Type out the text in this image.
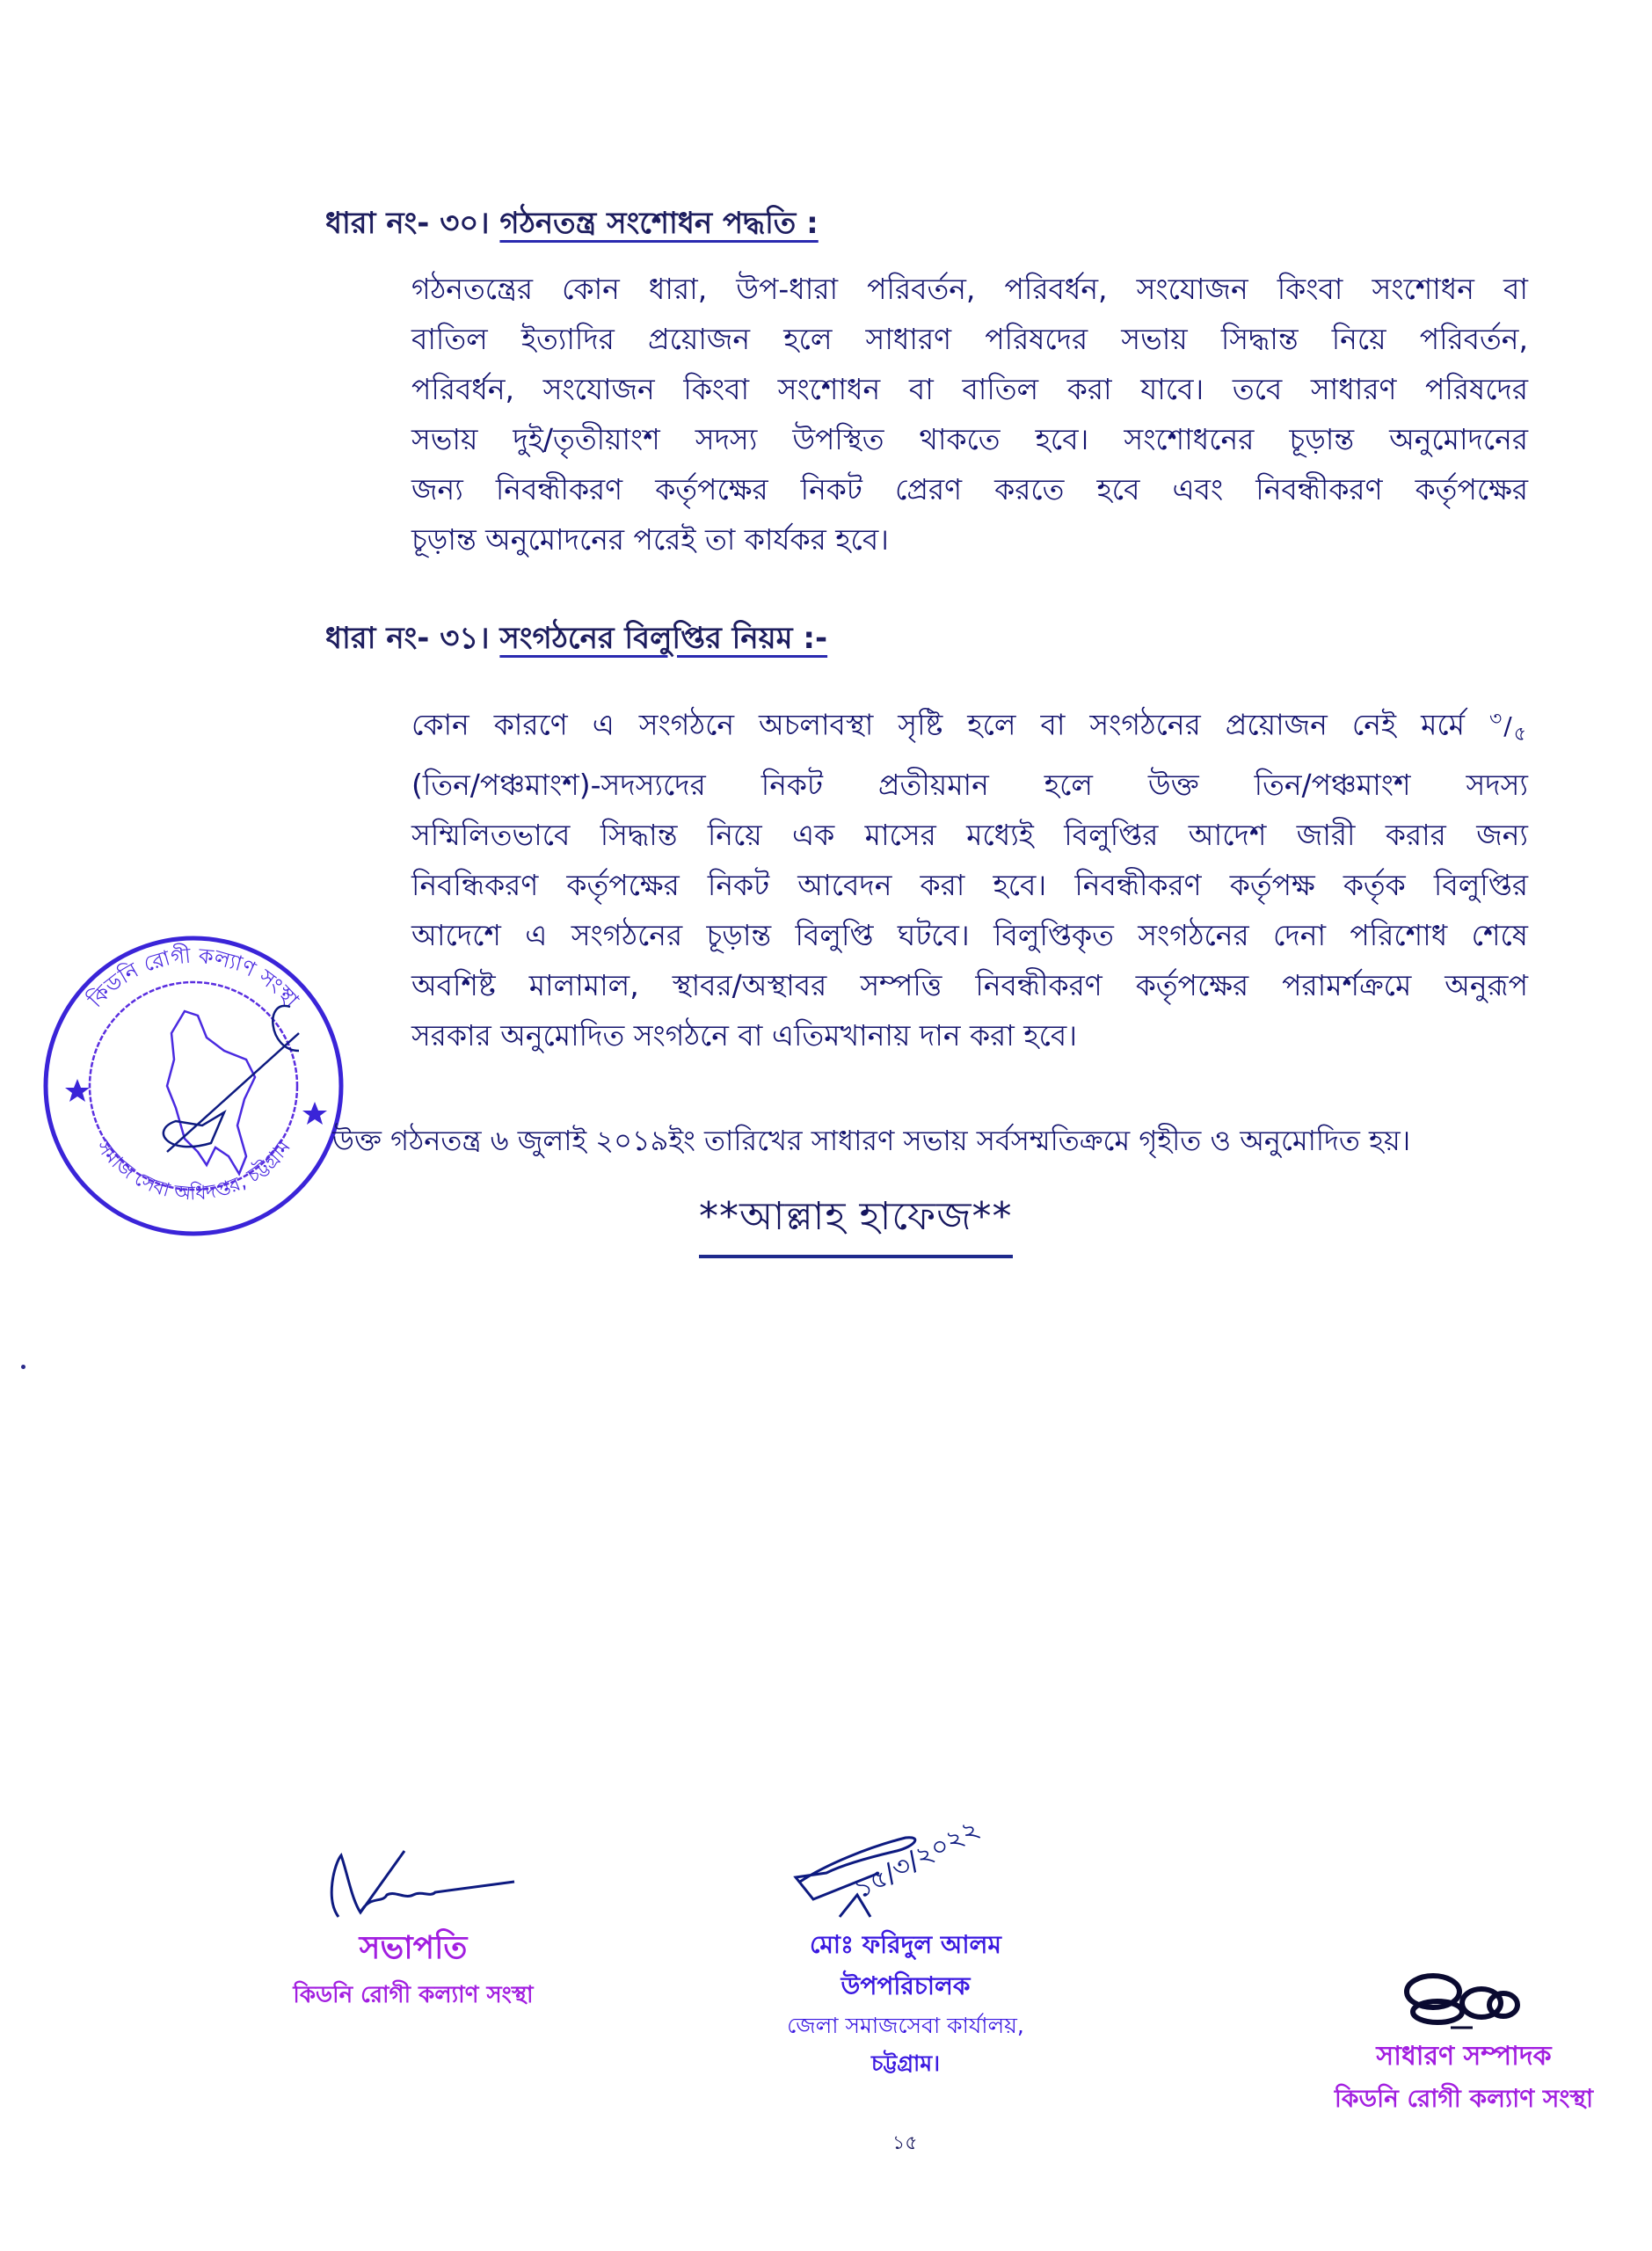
ধারা নং- ৩০। গঠনতন্ত্র সংশোধন পদ্ধতি :
গঠনতন্ত্রের কোন ধারা, উপ-ধারা পরিবর্তন, পরিবর্ধন, সংযোজন কিংবা সংশোধন বা
বাতিল ইত্যাদির প্রয়োজন হলে সাধারণ পরিষদের সভায় সিদ্ধান্ত নিয়ে পরিবর্তন,
পরিবর্ধন, সংযোজন কিংবা সংশোধন বা বাতিল করা যাবে। তবে সাধারণ পরিষদের
সভায় দুই/তৃতীয়াংশ সদস্য উপস্থিত থাকতে হবে। সংশোধনের চূড়ান্ত অনুমোদনের
জন্য নিবন্ধীকরণ কর্তৃপক্ষের নিকট প্রেরণ করতে হবে এবং নিবন্ধীকরণ কর্তৃপক্ষের
চূড়ান্ত অনুমোদনের পরেই তা কার্যকর হবে।
ধারা নং- ৩১। সংগঠনের বিলুপ্তির নিয়ম :-
কোন কারণে এ সংগঠনে অচলাবস্থা সৃষ্টি হলে বা সংগঠনের প্রয়োজন নেই মর্মে $^৩/_৫$
(তিন/পঞ্চমাংশ)-সদস্যদের নিকট প্রতীয়মান হলে উক্ত তিন/পঞ্চমাংশ সদস্য
সম্মিলিতভাবে সিদ্ধান্ত নিয়ে এক মাসের মধ্যেই বিলুপ্তির আদেশ জারী করার জন্য
নিবন্ধিকরণ কর্তৃপক্ষের নিকট আবেদন করা হবে। নিবন্ধীকরণ কর্তৃপক্ষ কর্তৃক বিলুপ্তির
আদেশে এ সংগঠনের চূড়ান্ত বিলুপ্তি ঘটবে। বিলুপ্তিকৃত সংগঠনের দেনা পরিশোধ শেষে
অবশিষ্ট মালামাল, স্থাবর/অস্থাবর সম্পত্তি নিবন্ধীকরণ কর্তৃপক্ষের পরামর্শক্রমে অনুরূপ
সরকার অনুমোদিত সংগঠনে বা এতিমখানায় দান করা হবে।
কিডনি রোগী কল্যাণ সংস্থা
সমাজ সেবা অধিদপ্তর, চট্টগ্রাম উক্ত গঠনতন্ত্র ৬ জুলাই ২০১৯ইং তারিখের সাধারণ সভায় সর্বসম্মতিক্রমে গৃহীত ও অনুমোদিত হয়।
**আল্লাহ হাফেজ**
সভাপতি
কিডনি রোগী কল্যাণ সংস্থা
১৫/৩/২০২২
মোঃ ফরিদুল আলম
উপপরিচালক
জেলা সমাজসেবা কার্যালয়,
চট্টগ্রাম।	সাধারণ সম্পাদক
কিডনি রোগী কল্যাণ সংস্থা
১৫
